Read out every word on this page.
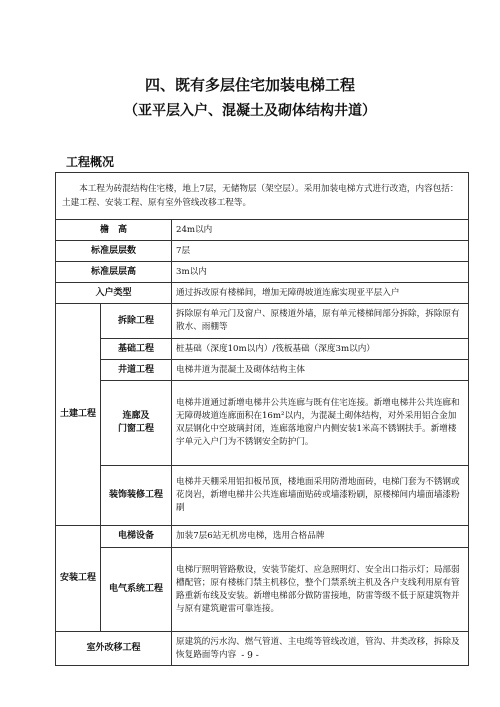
四、既有多层住宅加装电梯工程
（亚平层入户、混凝土及砌体结构井道）
工程概况
本工程为砖混结构住宅楼，地上7层，无储物层（架空层）。采用加装电梯方式进行改造，内容包括：土建工程、安装工程、原有室外管线改移工程等。		
檐　高		24m以内
标准层层数		7层
标准层层高		3m以内
入户类型		通过拆改原有楼梯间，增加无障碍坡道连廊实现亚平层入户
土建工程	拆除工程	拆除原有单元门及窗户、原楼道外墙，原有单元楼梯间部分拆除，拆除原有散水、雨棚等
	基础工程	桩基础（深度10m以内）/筏板基础（深度3m以内）
	井道工程	电梯井道为混凝土及砌体结构主体
	连廊及
门窗工程	电梯井道通过新增电梯井公共连廊与既有住宅连接。新增电梯井公共连廊和无障碍坡道连廊面积在16m²以内，为混凝土砌体结构，对外采用铝合金加双层钢化中空玻璃封闭，连廊落地窗户内侧安装1米高不锈钢扶手。新增楼宇单元入户门为不锈钢安全防护门。
	装饰装修工程	电梯井天棚采用铝扣板吊顶，楼地面采用防滑地面砖，电梯门套为不锈钢或花岗岩，新增电梯井公共连廊墙面贴砖或墙漆粉刷，原楼梯间内墙面墙漆粉刷
安装工程	电梯设备	加装7层6站无机房电梯，选用合格品牌
	电气系统工程	电梯厅照明管路敷设，安装节能灯、应急照明灯、安全出口指示灯；局部弱槽配管；原有楼栋门禁主机移位，整个门禁系统主机及各户支线利用原有管路重新布线及安装。新增电梯部分做防雷接地，防雷等级不低于原建筑物并与原有建筑避雷可靠连接。
室外改移工程		原建筑的污水沟、燃气管道、主电缆等管线改道，管沟、井类改移，拆除及恢复路面等内容 - 9 -
